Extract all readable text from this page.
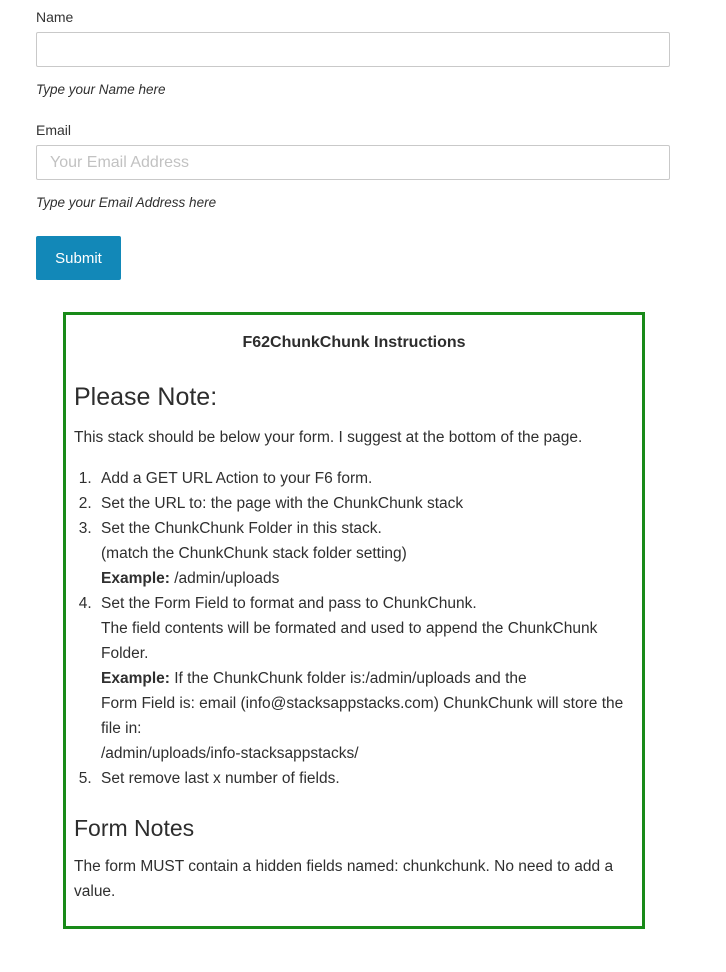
Name

Type your Name here

Email
Your Email Address

Type your Email Address here

Submit

F62ChunkChunk Instructions

Please Note:

This stack should be below your form. I suggest at the bottom of the page.

1. Add a GET URL Action to your F6 form.
2. Set the URL to: the page with the ChunkChunk stack
3. Set the ChunkChunk Folder in this stack.
(match the ChunkChunk stack folder setting)
Example: /admin/uploads
4. Set the Form Field to format and pass to ChunkChunk.
The field contents will be formated and used to append the ChunkChunk Folder.
Example: If the ChunkChunk folder is:/admin/uploads and the
Form Field is: email (info@stacksappstacks.com) ChunkChunk will store the file in:
/admin/uploads/info-stacksappstacks/
5. Set remove last x number of fields.
Form Notes

The form MUST contain a hidden fields named: chunkchunk. No need to add a value.
